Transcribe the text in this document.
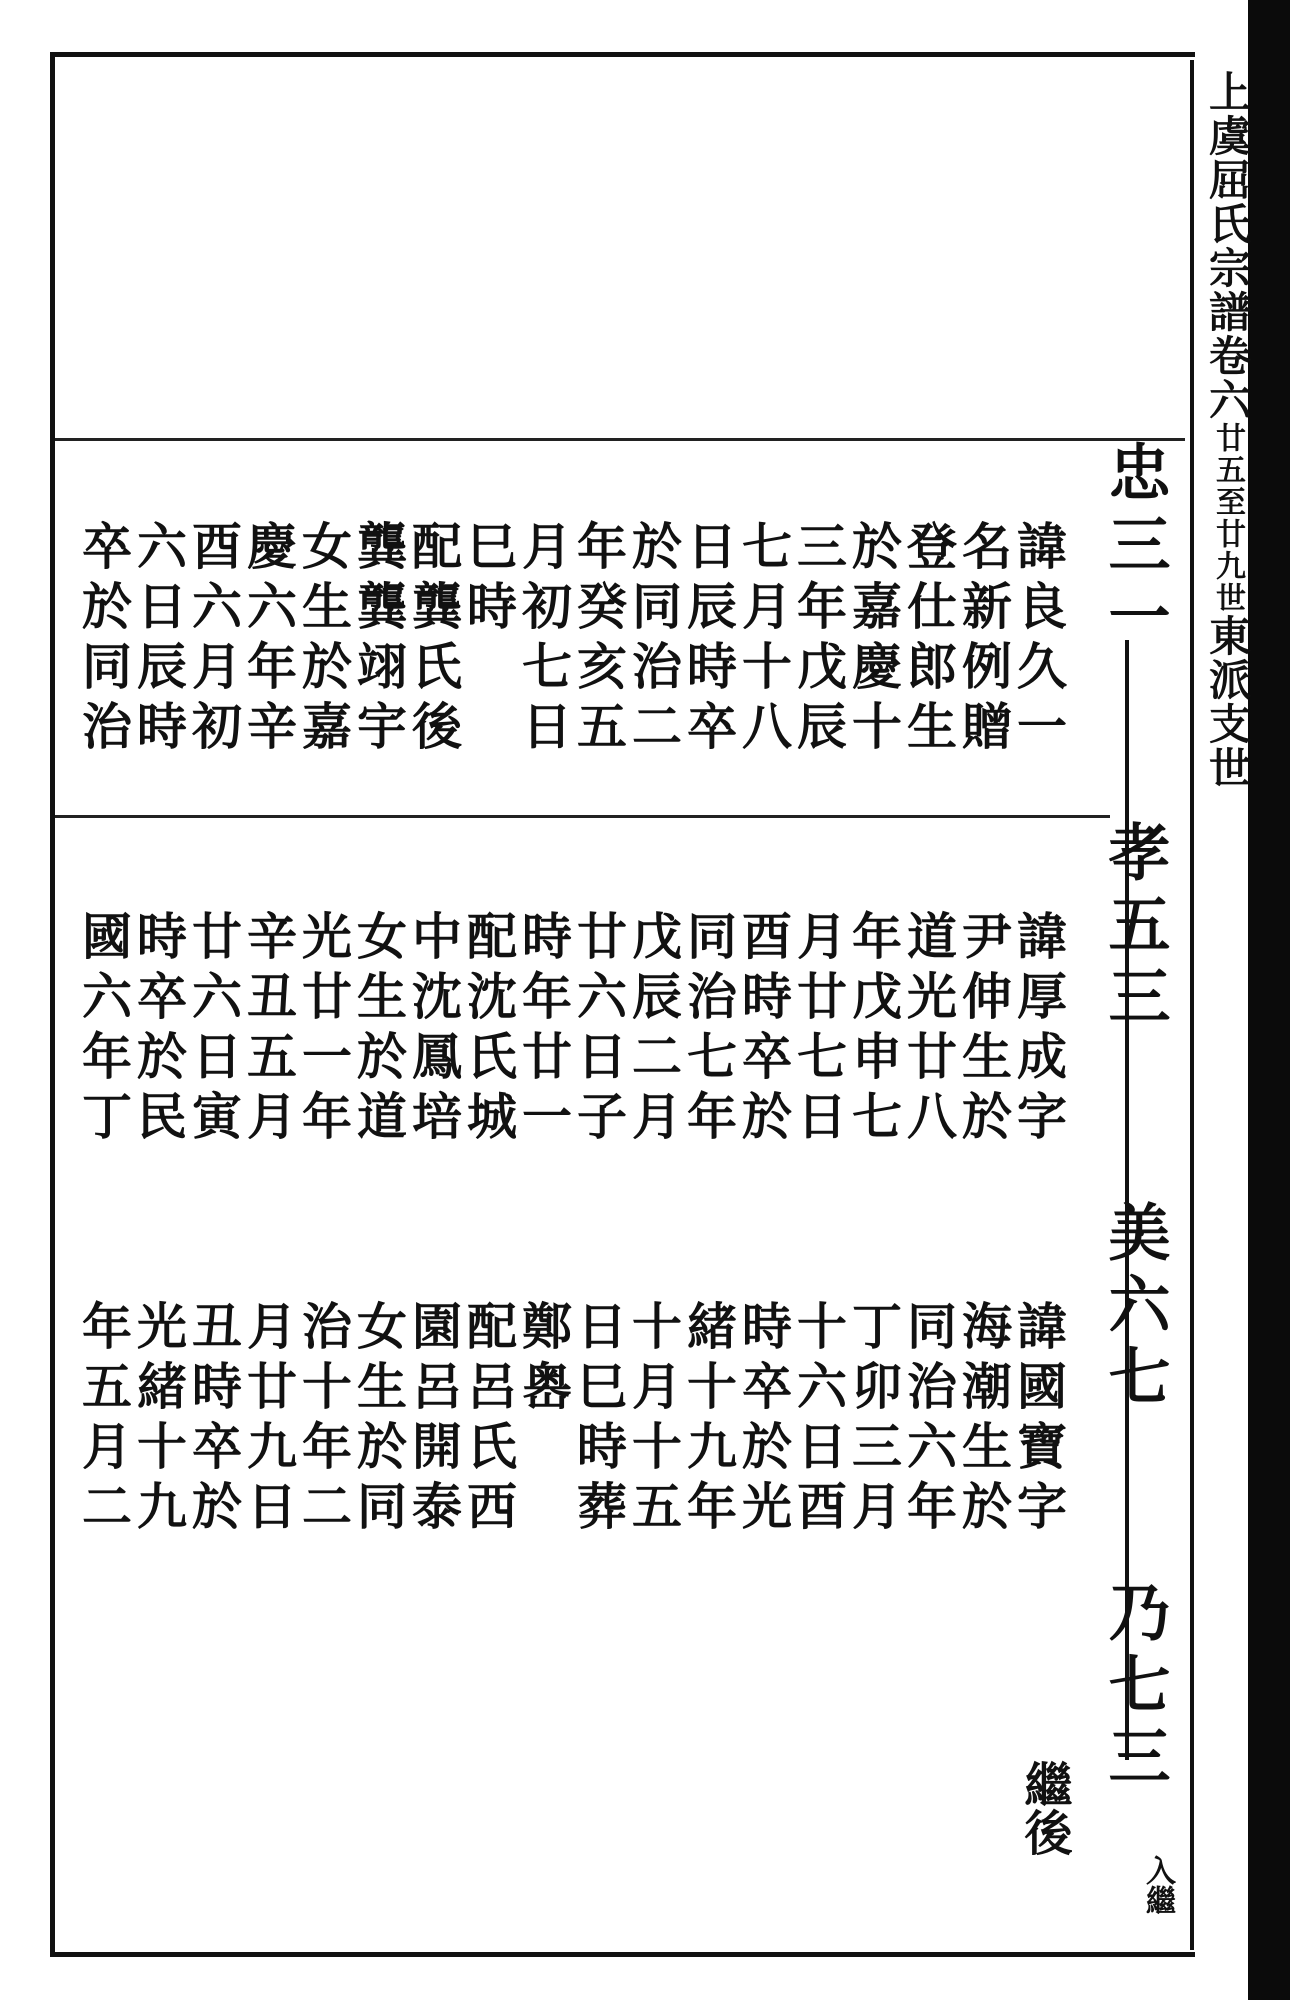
上虞屈氏宗譜卷六廿五至廿九世東派支世
忠三一
孝五三
美六七
乃七三
諱良久一
名新例贈
登仕郎生
於嘉慶十
三年戊辰
七月十八
日辰時卒
於同治二
年癸亥五
月初七日
巳時
配龔氏後
龔龔翊宇
女生於嘉
慶六年辛
酉六月初
六日辰時
卒於同治
諱厚成字
尹伸生於
道光廿八
年戊申七
月廿七日
酉時卒於
同治七年
戊辰二月
廿六日子
時年廿一
配沈氏城
中沈鳳培
女生於道
光廿一年
辛丑五月
廿六日寅
時卒於民
國六年丁
諱國寶字
海潮生於
同治六年
丁卯三月
十六日酉
時卒於光
緒十九年
十月十五
日巳時葬
鄭嶴
配呂氏西
園呂開泰
女生於同
治十年二
月廿九日
丑時卒於
光緒十九
年五月二
繼後
入繼
